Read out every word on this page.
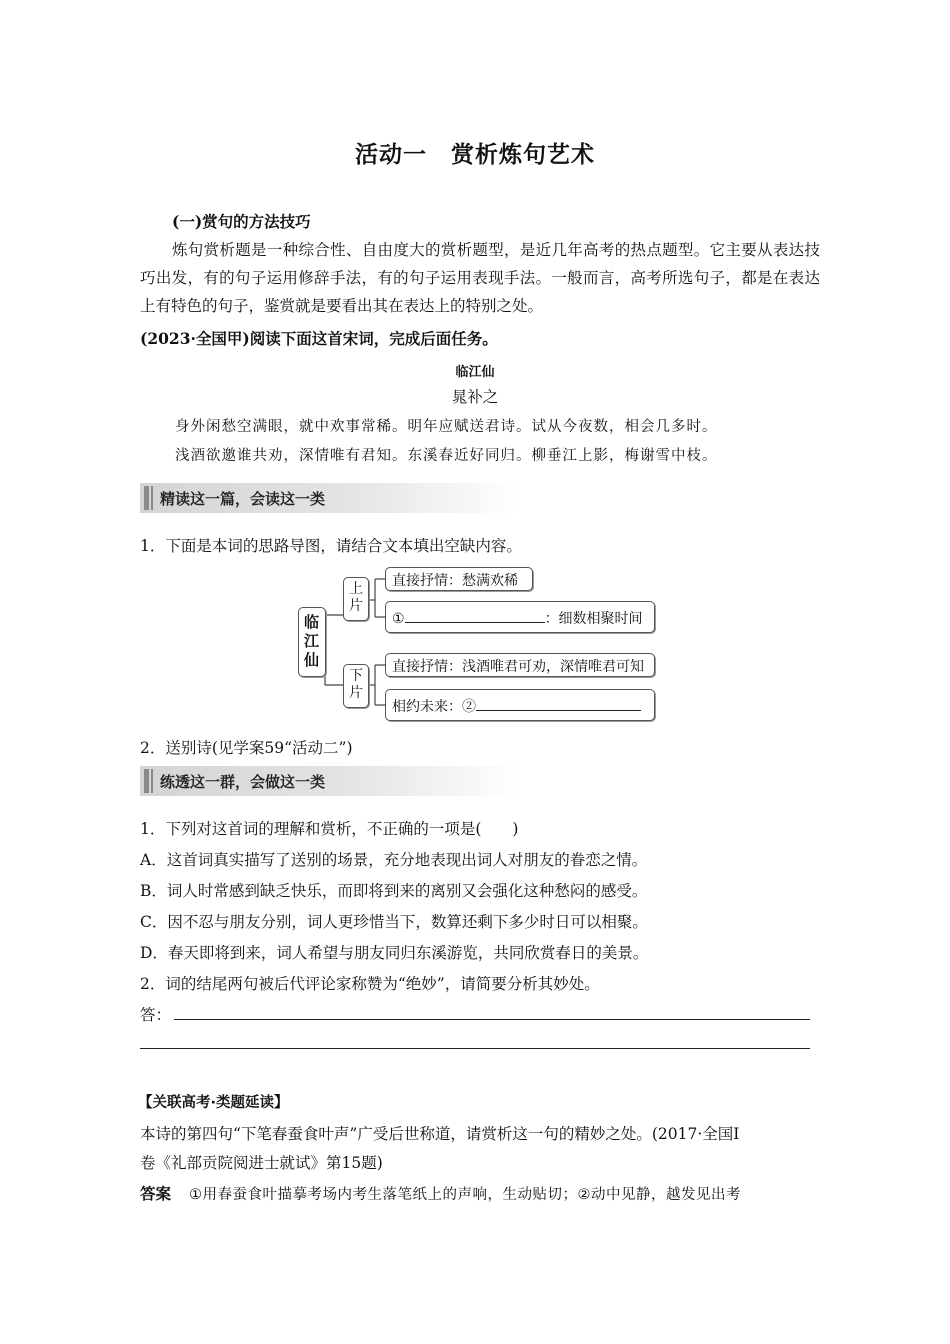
活动一　赏析炼句艺术
(一)赏句的方法技巧
炼句赏析题是一种综合性、自由度大的赏析题型，是近几年高考的热点题型。它主要从表达技巧出发，有的句子运用修辞手法，有的句子运用表现手法。一般而言，高考所选句子，都是在表达上有特色的句子，鉴赏就是要看出其在表达上的特别之处。
(2023·全国甲)阅读下面这首宋词，完成后面任务。
临江仙
晁补之
身外闲愁空满眼，就中欢事常稀。明年应赋送君诗。试从今夜数，相会几多时。
浅酒欲邀谁共劝，深情唯有君知。东溪春近好同归。柳垂江上影，梅谢雪中枝。
精读这一篇，会读这一类
1．下面是本词的思路导图，请结合文本填出空缺内容。
临
江
仙
上
片
下
片
直接抒情：愁满欢稀
①	：细数相聚时间
直接抒情：浅酒唯君可劝，深情唯君可知
相约未来：②
2．送别诗(见学案59“活动二”)
练透这一群，会做这一类
1．下列对这首词的理解和赏析，不正确的一项是(　　)
A．这首词真实描写了送别的场景，充分地表现出词人对朋友的眷恋之情。
B．词人时常感到缺乏快乐，而即将到来的离别又会强化这种愁闷的感受。
C．因不忍与朋友分别，词人更珍惜当下，数算还剩下多少时日可以相聚。
D．春天即将到来，词人希望与朋友同归东溪游览，共同欣赏春日的美景。
2．词的结尾两句被后代评论家称赞为“绝妙”，请简要分析其妙处。
答：
【关联高考·类题延读】
本诗的第四句“下笔春蚕食叶声”广受后世称道，请赏析这一句的精妙之处。(2017·全国Ⅰ
卷《礼部贡院阅进士就试》第15题)
答案 ①用春蚕食叶描摹考场内考生落笔纸上的声响，生动贴切；②动中见静，越发见出考
